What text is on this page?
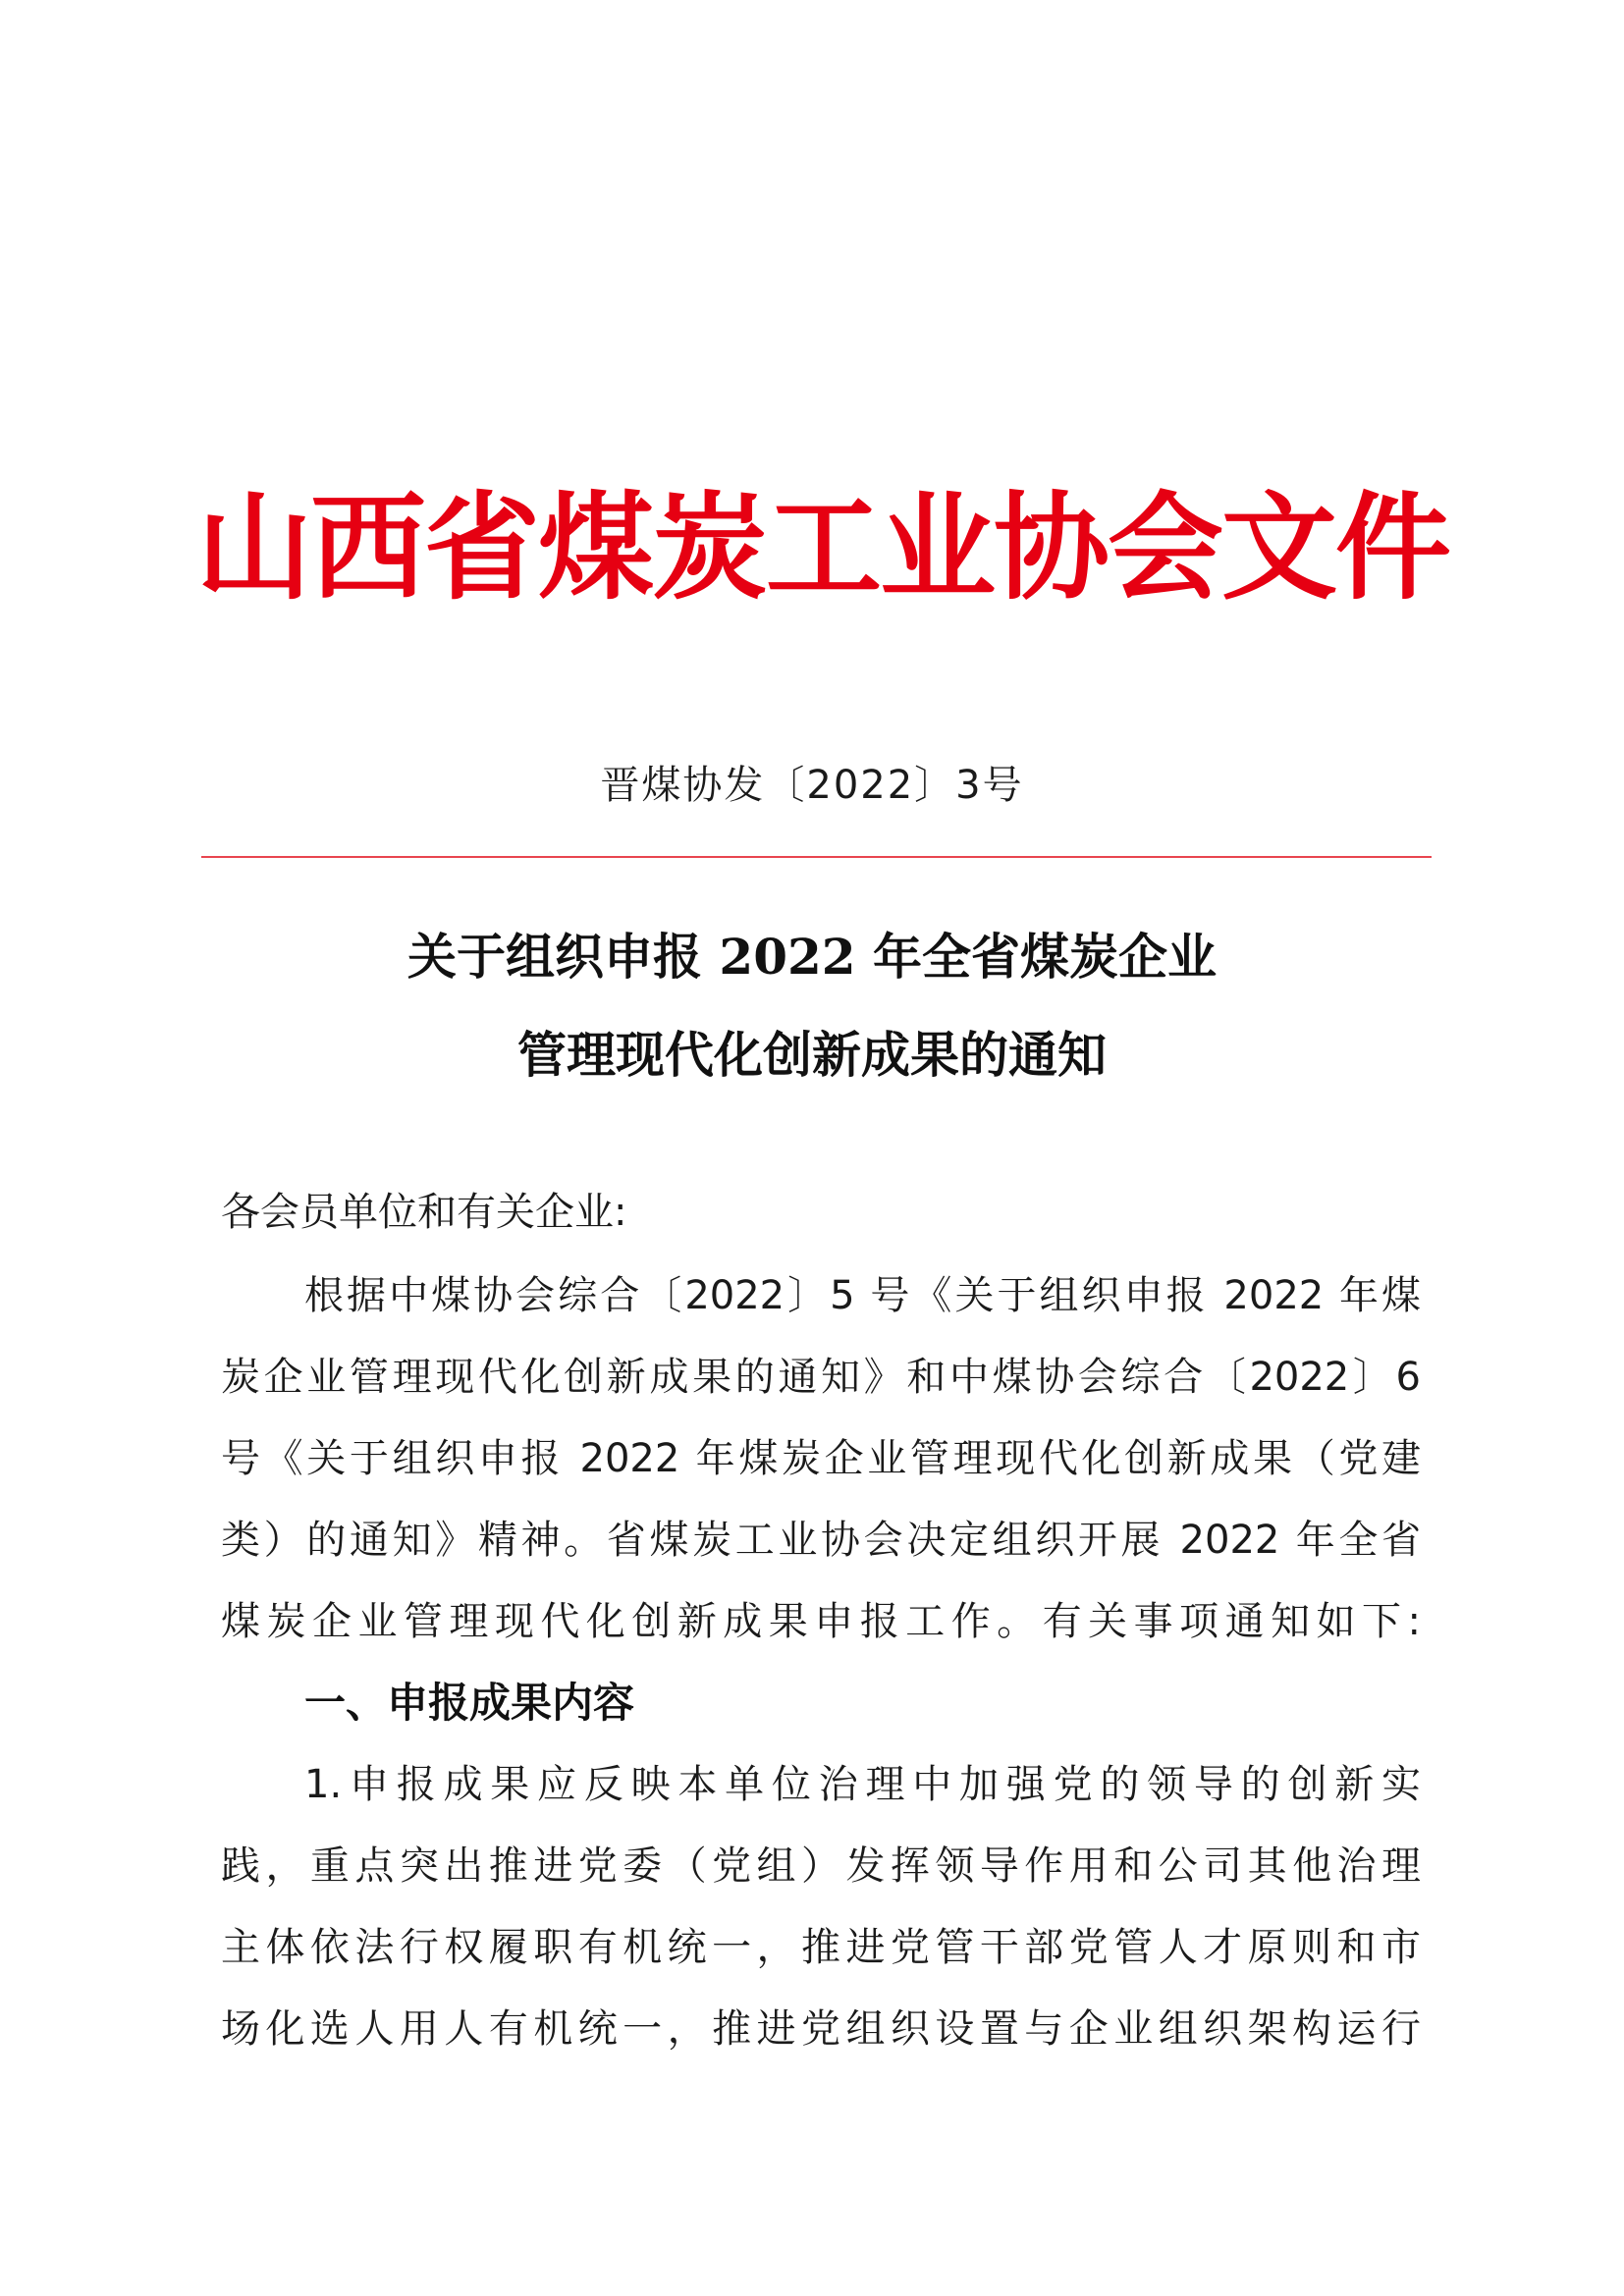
山西省煤炭工业协会文件
晋煤协发〔2022〕3号
关于组织申报 2022 年全省煤炭企业
管理现代化创新成果的通知
各会员单位和有关企业:
根据中煤协会综合〔2022〕5 号《关于组织申报 2022 年煤
炭企业管理现代化创新成果的通知》和中煤协会综合〔2022〕6
号《关于组织申报 2022 年煤炭企业管理现代化创新成果（党建
类）的通知》精神。省煤炭工业协会决定组织开展 2022 年全省
煤炭企业管理现代化创新成果申报工作。有关事项通知如下:
一、申报成果内容
1.申报成果应反映本单位治理中加强党的领导的创新实
践，重点突出推进党委（党组）发挥领导作用和公司其他治理
主体依法行权履职有机统一，推进党管干部党管人才原则和市
场化选人用人有机统一，推进党组织设置与企业组织架构运行
